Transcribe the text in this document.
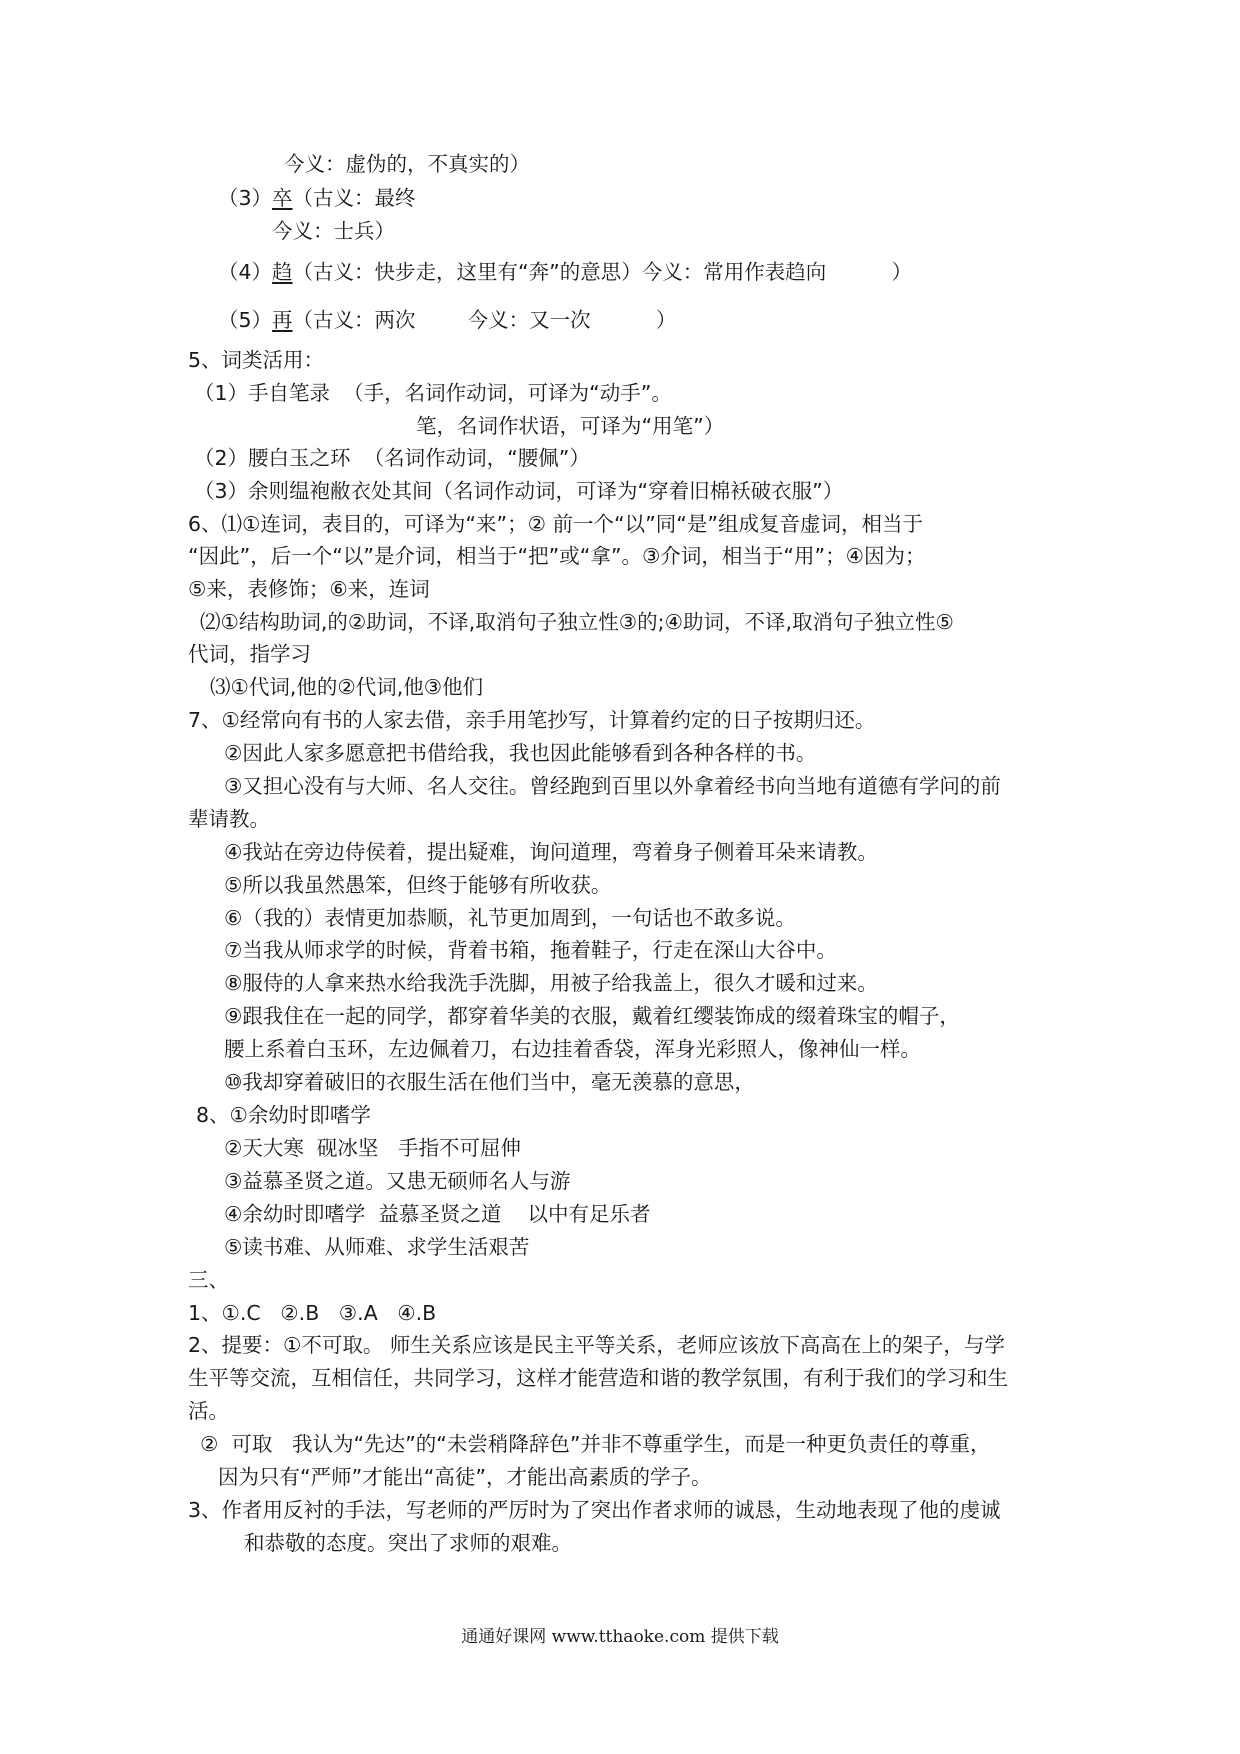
今义：虚伪的，不真实的）
（3）卒（古义：最终
今义：士兵）
（4）趋（古义：快步走，这里有“奔”的意思）今义：常用作表趋向          ）
（5）再（古义：两次        今义：又一次          ）
5、词类活用：
（1）手自笔录  （手，名词作动词，可译为“动手”。
笔，名词作状语，可译为“用笔”）
（2）腰白玉之环  （名词作动词，“腰佩”）
（3）余则缊袍敝衣处其间（名词作动词，可译为“穿着旧棉袄破衣服”）
6、⑴①连词，表目的，可译为“来”；② 前一个“以”同“是”组成复音虚词，相当于
“因此”，后一个“以”是介词，相当于“把”或“拿”。③介词，相当于“用”；④因为；
⑤来，表修饰；⑥来，连词
⑵①结构助词,的②助词，不译,取消句子独立性③的;④助词，不译,取消句子独立性⑤
代词，指学习
⑶①代词,他的②代词,他③他们
7、①经常向有书的人家去借，亲手用笔抄写，计算着约定的日子按期归还。
②因此人家多愿意把书借给我，我也因此能够看到各种各样的书。
③又担心没有与大师、名人交往。曾经跑到百里以外拿着经书向当地有道德有学问的前
辈请教。
④我站在旁边侍侯着，提出疑难，询问道理，弯着身子侧着耳朵来请教。
⑤所以我虽然愚笨，但终于能够有所收获。
⑥（我的）表情更加恭顺，礼节更加周到，一句话也不敢多说。
⑦当我从师求学的时候，背着书箱，拖着鞋子，行走在深山大谷中。
⑧服侍的人拿来热水给我洗手洗脚，用被子给我盖上，很久才暖和过来。
⑨跟我住在一起的同学，都穿着华美的衣服，戴着红缨装饰成的缀着珠宝的帽子，
腰上系着白玉环，左边佩着刀，右边挂着香袋，浑身光彩照人，像神仙一样。
⑩我却穿着破旧的衣服生活在他们当中，毫无羡慕的意思，
8、①余幼时即嗜学
②天大寒  砚冰坚   手指不可屈伸
③益慕圣贤之道。又患无硕师名人与游
④余幼时即嗜学  益慕圣贤之道    以中有足乐者
⑤读书难、从师难、求学生活艰苦
三、
1、①.C   ②.B   ③.A   ④.B
2、提要：①不可取。 师生关系应该是民主平等关系，老师应该放下高高在上的架子，与学
生平等交流，互相信任，共同学习，这样才能营造和谐的教学氛围，有利于我们的学习和生
活。
②  可取   我认为“先达”的“未尝稍降辞色”并非不尊重学生，而是一种更负责任的尊重，
因为只有“严师”才能出“高徒”，才能出高素质的学子。
3、作者用反衬的手法，写老师的严厉时为了突出作者求师的诚恳，生动地表现了他的虔诚
和恭敬的态度。突出了求师的艰难。
通通好课网 www.tthaoke.com 提供下载
